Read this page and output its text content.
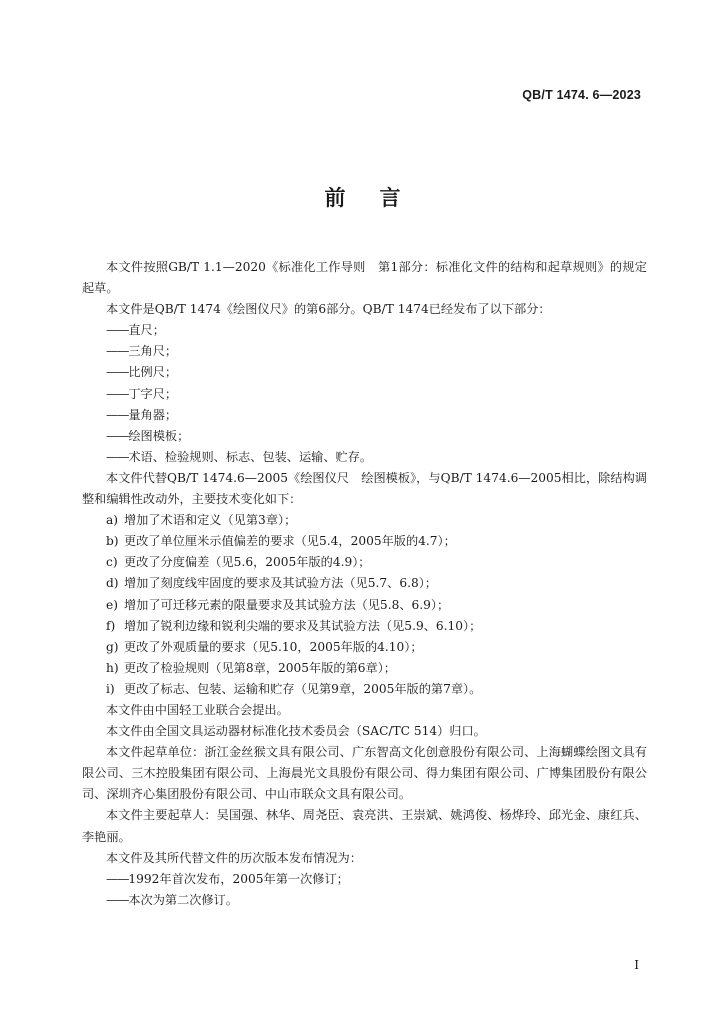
QB/T 1474. 6—2023
前言

本文件按照GB/T 1.1—2020《标准化工作导则　第1部分：标准化文件的结构和起草规则》的规定起草。

本文件是QB/T 1474《绘图仪尺》的第6部分。QB/T 1474已经发布了以下部分：

——直尺；

——三角尺；

——比例尺；

——丁字尺；

——量角器；

——绘图模板；

——术语、检验规则、标志、包装、运输、贮存。

本文件代替QB/T 1474.6—2005《绘图仪尺　绘图模板》，与QB/T 1474.6—2005相比，除结构调整和编辑性改动外，主要技术变化如下：

a) 增加了术语和定义（见第3章）；

b) 更改了单位厘米示值偏差的要求（见5.4，2005年版的4.7）；

c) 更改了分度偏差（见5.6，2005年版的4.9）；

d) 增加了刻度线牢固度的要求及其试验方法（见5.7、6.8）；

e) 增加了可迁移元素的限量要求及其试验方法（见5.8、6.9）；

f) 增加了锐利边缘和锐利尖端的要求及其试验方法（见5.9、6.10）；

g) 更改了外观质量的要求（见5.10，2005年版的4.10）；

h) 更改了检验规则（见第8章，2005年版的第6章）；

i) 更改了标志、包装、运输和贮存（见第9章，2005年版的第7章）。

本文件由中国轻工业联合会提出。

本文件由全国文具运动器材标准化技术委员会（SAC/TC 514）归口。

本文件起草单位：浙江金丝猴文具有限公司、广东智高文化创意股份有限公司、上海蝴蝶绘图文具有限公司、三木控股集团有限公司、上海晨光文具股份有限公司、得力集团有限公司、广博集团股份有限公司、深圳齐心集团股份有限公司、中山市联众文具有限公司。

本文件主要起草人：吴国强、林华、周尧臣、袁亮洪、王崇斌、姚鸿俊、杨烨玲、邱光金、康红兵、李艳丽。

本文件及其所代替文件的历次版本发布情况为：

——1992年首次发布，2005年第一次修订；

——本次为第二次修订。

I
